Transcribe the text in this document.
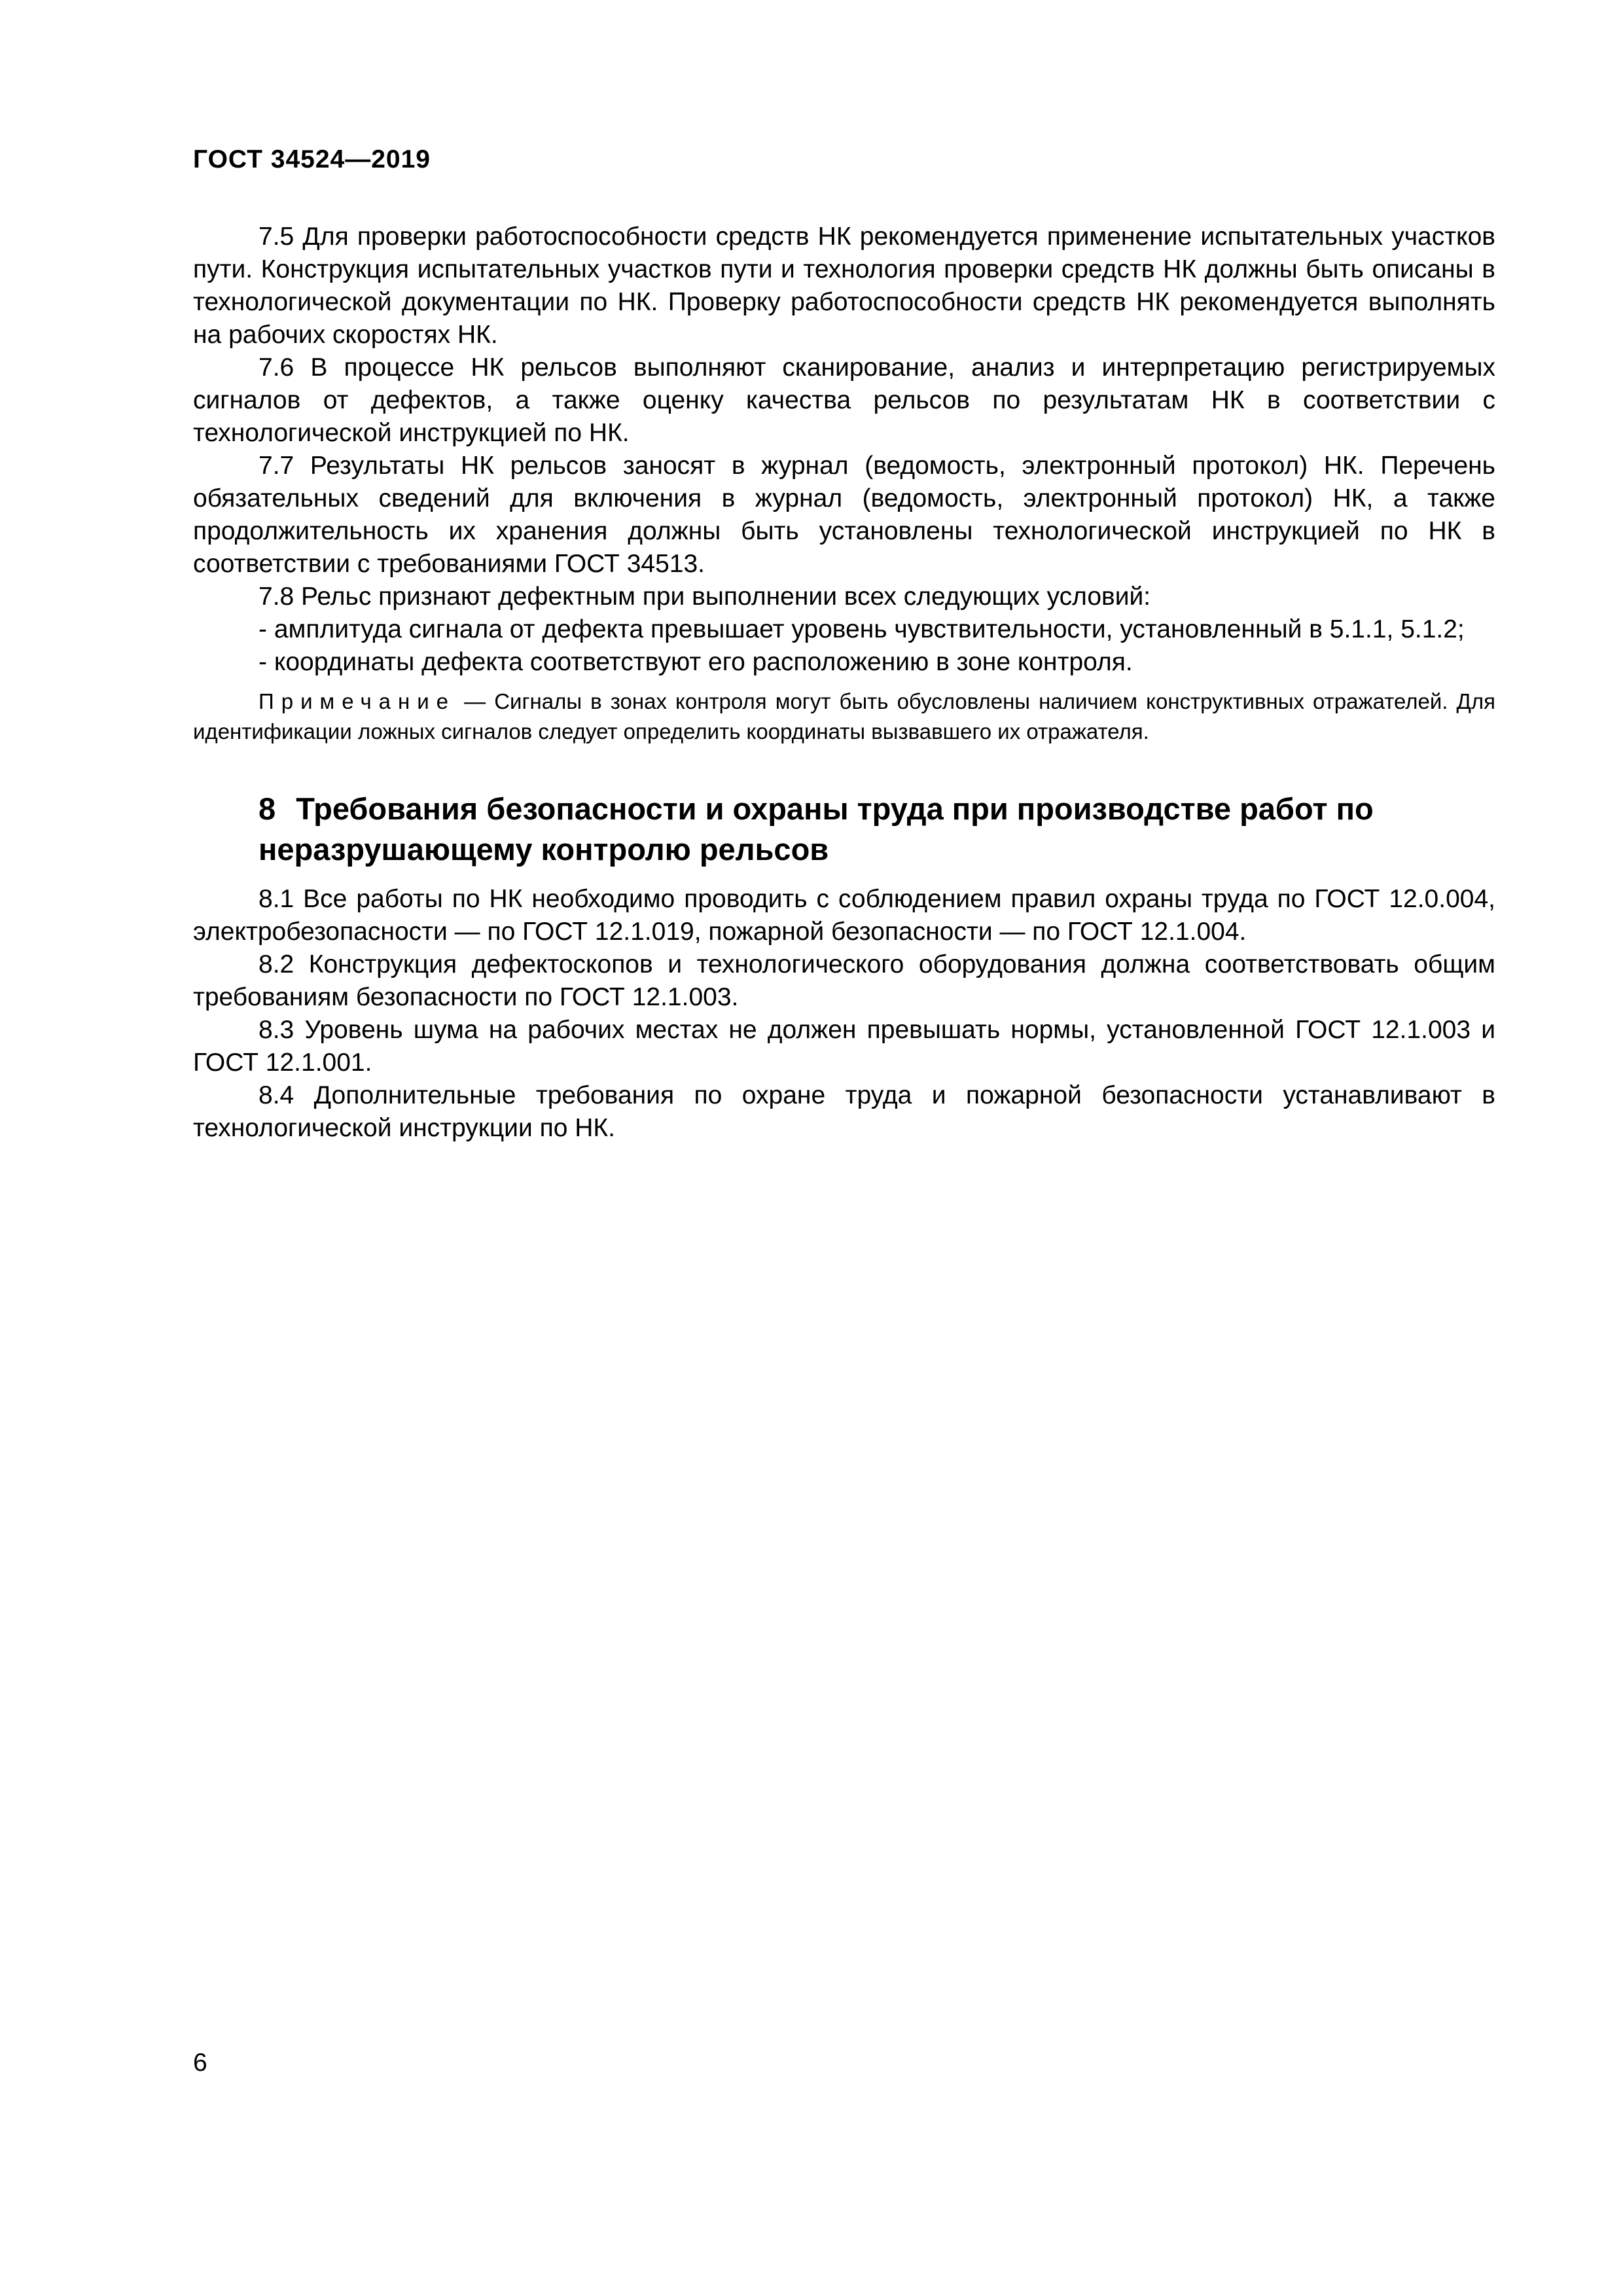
ГОСТ 34524—2019

7.5 Для проверки работоспособности средств НК рекомендуется применение испытательных участков пути. Конструкция испытательных участков пути и технология проверки средств НК должны быть описаны в технологической документации по НК. Проверку работоспособности средств НК рекомендуется выполнять на рабочих скоростях НК.

7.6 В процессе НК рельсов выполняют сканирование, анализ и интерпретацию регистрируемых сигналов от дефектов, а также оценку качества рельсов по результатам НК в соответствии с технологической инструкцией по НК.

7.7 Результаты НК рельсов заносят в журнал (ведомость, электронный протокол) НК. Перечень обязательных сведений для включения в журнал (ведомость, электронный протокол) НК, а также продолжительность их хранения должны быть установлены технологической инструкцией по НК в соответствии с требованиями ГОСТ 34513.

7.8 Рельс признают дефектным при выполнении всех следующих условий:

- амплитуда сигнала от дефекта превышает уровень чувствительности, установленный в 5.1.1, 5.1.2;

- координаты дефекта соответствуют его расположению в зоне контроля.

Примечание — Сигналы в зонах контроля могут быть обусловлены наличием конструктивных отражателей. Для идентификации ложных сигналов следует определить координаты вызвавшего их отражателя.
8 Требования безопасности и охраны труда при производстве работ по неразрушающему контролю рельсов

8.1 Все работы по НК необходимо проводить с соблюдением правил охраны труда по ГОСТ 12.0.004, электробезопасности — по ГОСТ 12.1.019, пожарной безопасности — по ГОСТ 12.1.004.

8.2 Конструкция дефектоскопов и технологического оборудования должна соответствовать общим требованиям безопасности по ГОСТ 12.1.003.

8.3 Уровень шума на рабочих местах не должен превышать нормы, установленной ГОСТ 12.1.003 и ГОСТ 12.1.001.

8.4 Дополнительные требования по охране труда и пожарной безопасности устанавливают в технологической инструкции по НК.

6
